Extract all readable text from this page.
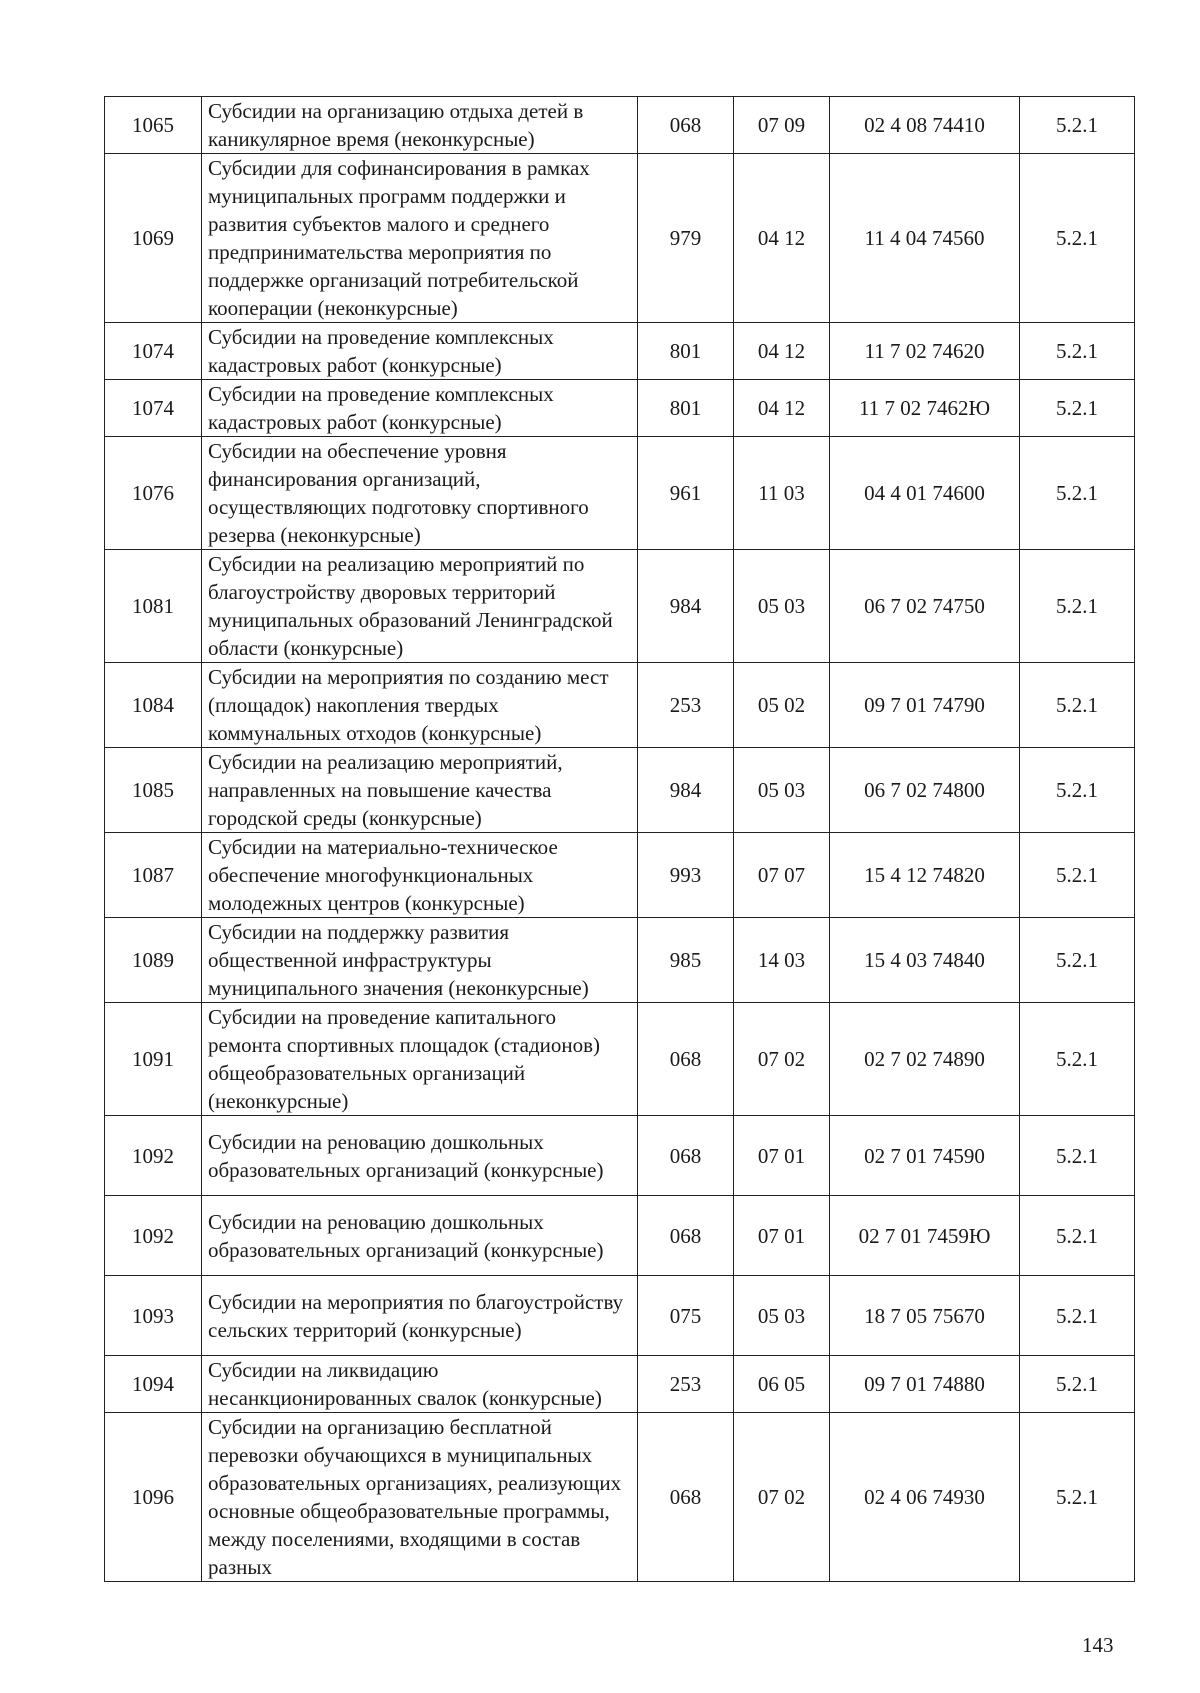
1065	Субсидии на организацию отдыха детей в каникулярное время (неконкурсные)	068	07 09	02 4 08 74410	5.2.1
1069	Субсидии для софинансирования в рамках муниципальных программ поддержки и развития субъектов малого и среднего предпринимательства мероприятия по поддержке организаций потребительской кооперации (неконкурсные)	979	04 12	11 4 04 74560	5.2.1
1074	Субсидии на проведение комплексных кадастровых работ (конкурсные)	801	04 12	11 7 02 74620	5.2.1
1074	Субсидии на проведение комплексных кадастровых работ (конкурсные)	801	04 12	11 7 02 7462Ю	5.2.1
1076	Субсидии на обеспечение уровня финансирования организаций, осуществляющих подготовку спортивного резерва (неконкурсные)	961	11 03	04 4 01 74600	5.2.1
1081	Субсидии на реализацию мероприятий по благоустройству дворовых территорий муниципальных образований Ленинградской области (конкурсные)	984	05 03	06 7 02 74750	5.2.1
1084	Субсидии на мероприятия по созданию мест (площадок) накопления твердых коммунальных отходов (конкурсные)	253	05 02	09 7 01 74790	5.2.1
1085	Субсидии на реализацию мероприятий, направленных на повышение качества городской среды (конкурсные)	984	05 03	06 7 02 74800	5.2.1
1087	Субсидии на материально-техническое обеспечение многофункциональных молодежных центров (конкурсные)	993	07 07	15 4 12 74820	5.2.1
1089	Субсидии на поддержку развития общественной инфраструктуры муниципального значения (неконкурсные)	985	14 03	15 4 03 74840	5.2.1
1091	Субсидии на проведение капитального ремонта спортивных площадок (стадионов) общеобразовательных организаций (неконкурсные)	068	07 02	02 7 02 74890	5.2.1
1092	Субсидии на реновацию дошкольных образовательных организаций (конкурсные)	068	07 01	02 7 01 74590	5.2.1
1092	Субсидии на реновацию дошкольных образовательных организаций (конкурсные)	068	07 01	02 7 01 7459Ю	5.2.1
1093	Субсидии на мероприятия по благоустройству сельских территорий (конкурсные)	075	05 03	18 7 05 75670	5.2.1
1094	Субсидии на ликвидацию несанкционированных свалок (конкурсные)	253	06 05	09 7 01 74880	5.2.1
1096	Субсидии на организацию бесплатной перевозки обучающихся в муниципальных образовательных организациях, реализующих основные общеобразовательные программы, между поселениями, входящими в состав разных	068	07 02	02 4 06 74930	5.2.1
143
